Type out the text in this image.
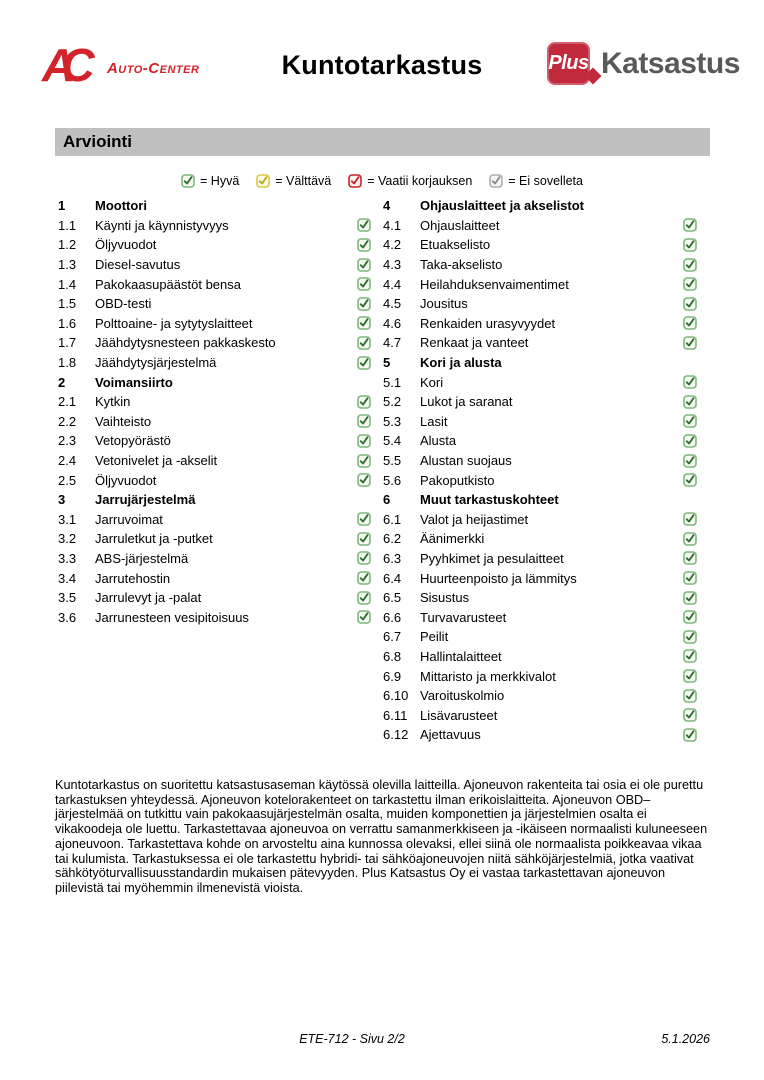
AC	Auto-Center	Kuntotarkastus	Plus Katsastus
Arviointi
= Hyvä	= Välttävä	= Vaatii korjauksen	= Ei sovelleta
1	Moottori
1.1	Käynti ja käynnistyvyys
1.2	Öljyvuodot
1.3	Diesel-savutus
1.4	Pakokaasupäästöt bensa
1.5	OBD-testi
1.6	Polttoaine- ja sytytyslaitteet
1.7	Jäähdytysnesteen pakkaskesto
1.8	Jäähdytysjärjestelmä
2	Voimansiirto
2.1	Kytkin
2.2	Vaihteisto
2.3	Vetopyörästö
2.4	Vetonivelet ja -akselit
2.5	Öljyvuodot
3	Jarrujärjestelmä
3.1	Jarruvoimat
3.2	Jarruletkut ja -putket
3.3	ABS-järjestelmä
3.4	Jarrutehostin
3.5	Jarrulevyt ja -palat
3.6	Jarrunesteen vesipitoisuus
4	Ohjauslaitteet ja akselistot
4.1	Ohjauslaitteet
4.2	Etuakselisto
4.3	Taka-akselisto
4.4	Heilahduksenvaimentimet
4.5	Jousitus
4.6	Renkaiden urasyvyydet
4.7	Renkaat ja vanteet
5	Kori ja alusta
5.1	Kori
5.2	Lukot ja saranat
5.3	Lasit
5.4	Alusta
5.5	Alustan suojaus
5.6	Pakoputkisto
6	Muut tarkastuskohteet
6.1	Valot ja heijastimet
6.2	Äänimerkki
6.3	Pyyhkimet ja pesulaitteet
6.4	Huurteenpoisto ja lämmitys
6.5	Sisustus
6.6	Turvavarusteet
6.7	Peilit
6.8	Hallintalaitteet
6.9	Mittaristo ja merkkivalot
6.10 Varoituskolmio
6.11 Lisävarusteet
6.12 Ajettavuus
Kuntotarkastus on suoritettu katsastusaseman käytössä olevilla laitteilla. Ajoneuvon rakenteita tai osia ei ole purettu tarkastuksen yhteydessä. Ajoneuvon kotelorakenteet on tarkastettu ilman erikoislaitteita. Ajoneuvon OBD–järjestelmää on tutkittu vain pakokaasujärjestelmän osalta, muiden komponettien ja järjestelmien osalta ei vikakoodeja ole luettu. Tarkastettavaa ajoneuvoa on verrattu samanmerkkiseen ja -ikäiseen normaalisti kuluneeseen ajoneuvoon. Tarkastettava kohde on arvosteltu aina kunnossa olevaksi, ellei siinä ole normaalista poikkeavaa vikaa tai kulumista. Tarkastuksessa ei ole tarkastettu hybridi- tai sähköajoneuvojen niitä sähköjärjestelmiä, jotka vaativat sähkötyöturvallisuusstandardin mukaisen pätevyyden. Plus Katsastus Oy ei vastaa tarkastettavan ajoneuvon piilevistä tai myöhemmin ilmenevistä vioista.
ETE-712 - Sivu 2/2	5.1.2026
